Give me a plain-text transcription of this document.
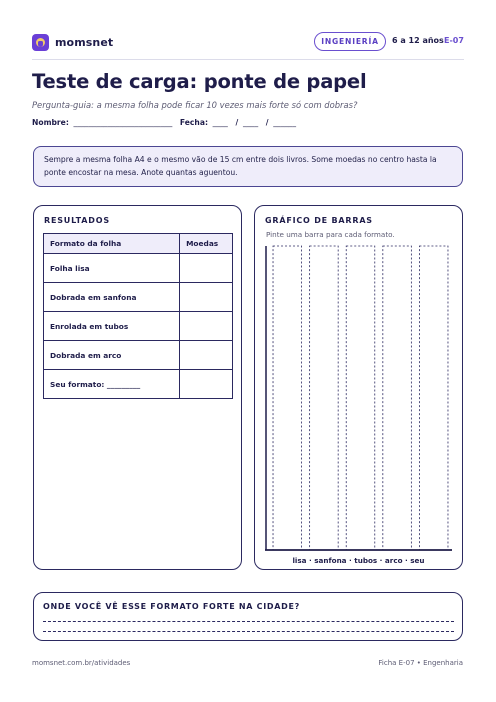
momsnet	INGENIERÍA	6 a 12 años E-07
Teste de carga: ponte de papel
Pergunta-guia: a mesma folha pode ficar 10 vezes mais forte só com dobras?
Nombre: __________________________ Fecha: ____ / ____ / ______
Sempre a mesma folha A4 e o mesmo vão de 15 cm entre dois livros. Some moedas no centro hasta la ponte encostar na mesa. Anote quantas aguentou.
RESULTADOS
Formato da folha	Moedas
Folha lisa	
Dobrada em sanfona	
Enrolada em tubos	
Dobrada em arco	
Seu formato: _________	
GRÁFICO DE BARRAS
Pinte uma barra para cada formato.
lisa · sanfona · tubos · arco · seu
ONDE VOCÊ VÊ ESSE FORMATO FORTE NA CIDADE?
momsnet.com.br/atividades	Ficha E-07 • Engenharia
